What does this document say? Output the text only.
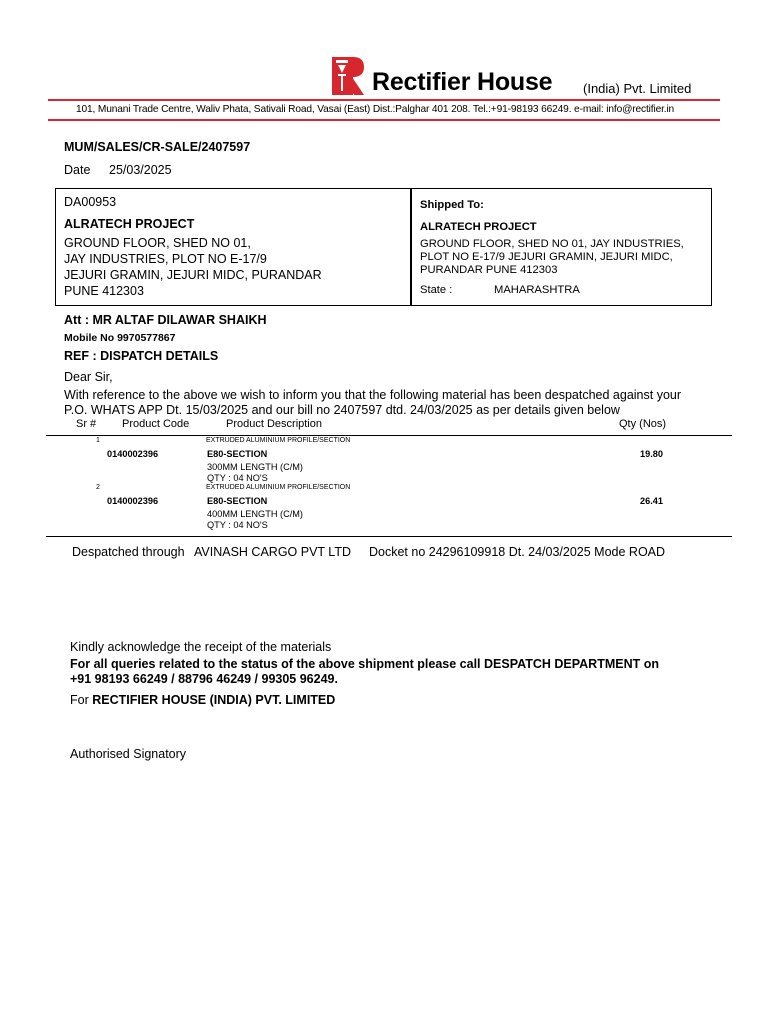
Rectifier House (India) Pvt. Limited
101, Munani Trade Centre, Waliv Phata, Sativali Road, Vasai (East) Dist.:Palghar 401 208. Tel.:+91-98193 66249. e-mail: info@rectifier.in
MUM/SALES/CR-SALE/2407597
Date 25/03/2025
DA00953
ALRATECH PROJECT
GROUND FLOOR, SHED NO 01,
JAY INDUSTRIES, PLOT NO E-17/9
JEJURI GRAMIN, JEJURI MIDC, PURANDAR
PUNE 412303
Shipped To:
ALRATECH PROJECT
GROUND FLOOR, SHED NO 01, JAY INDUSTRIES,
PLOT NO E-17/9 JEJURI GRAMIN, JEJURI MIDC,
PURANDAR PUNE 412303
State :	MAHARASHTRA
Att : MR ALTAF DILAWAR SHAIKH
Mobile No 9970577867
REF : DISPATCH DETAILS
Dear Sir,
With reference to the above we wish to inform you that the following material has been despatched against your
P.O. WHATS APP Dt. 15/03/2025 and our bill no 2407597 dtd. 24/03/2025 as per details given below
Sr # Product Code	Product Description	Qty (Nos)
1	EXTRUDED ALUMINIUM PROFILE/SECTION
0140002396	E80-SECTION	19.80
300MM LENGTH (C/M)
QTY : 04 NO'S
2	EXTRUDED ALUMINIUM PROFILE/SECTION
0140002396	E80-SECTION	26.41
400MM LENGTH (C/M)
QTY : 04 NO'S
Despatched through AVINASH CARGO PVT LTD Docket no 24296109918 Dt. 24/03/2025 Mode ROAD
Kindly acknowledge the receipt of the materials
For all queries related to the status of the above shipment please call DESPATCH DEPARTMENT on
+91 98193 66249 / 88796 46249 / 99305 96249.
For RECTIFIER HOUSE (INDIA) PVT. LIMITED
Authorised Signatory
